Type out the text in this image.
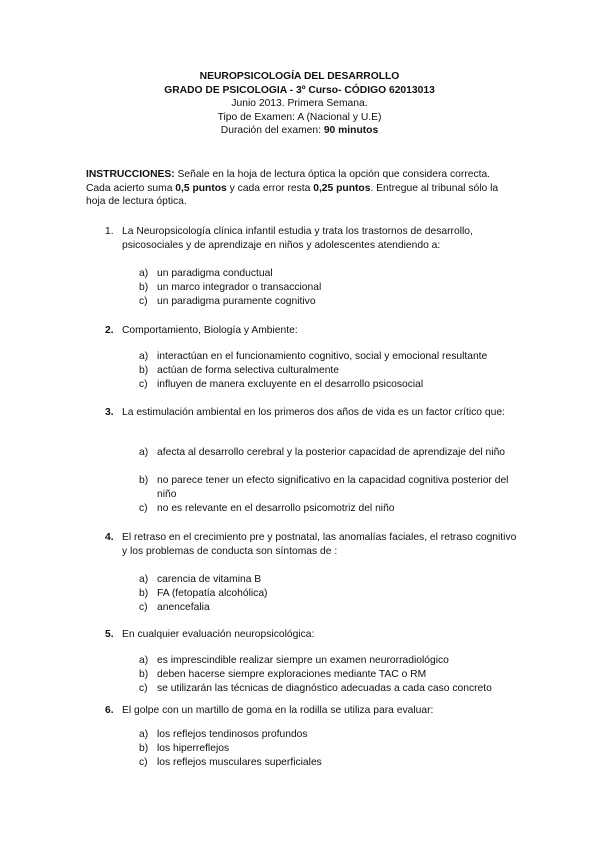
NEUROPSICOLOGÍA DEL DESARROLLO
GRADO DE PSICOLOGIA - 3º Curso- CÓDIGO 62013013
Junio 2013. Primera Semana.
Tipo de Examen: A (Nacional y U.E)
Duración del examen: 90 minutos
INSTRUCCIONES: Señale en la hoja de lectura óptica la opción que considera correcta. Cada acierto suma 0,5 puntos y cada error resta 0,25 puntos. Entregue al tribunal sólo la hoja de lectura óptica.
1. La Neuropsicología clínica infantil estudia y trata los trastornos de desarrollo, psicosociales y de aprendizaje en niños y adolescentes atendiendo a:
a) un paradigma conductual
b) un marco integrador o transaccional
c) un paradigma puramente cognitivo
2. Comportamiento, Biología y Ambiente:
a) interactúan en el funcionamiento cognitivo, social y emocional resultante
b) actúan de forma selectiva culturalmente
c) influyen de manera excluyente en el desarrollo psicosocial
3. La estimulación ambiental en los primeros dos años de vida es un factor crítico que:
a) afecta al desarrollo cerebral y la posterior capacidad de aprendizaje del niño
b) no parece tener un efecto significativo en la capacidad cognitiva posterior del niño
c) no es relevante en el desarrollo psicomotriz del niño
4. El retraso en el crecimiento pre y postnatal, las anomalías faciales, el retraso cognitivo y los problemas de conducta son síntomas de :
a) carencia de vitamina B
b) FA (fetopatía alcohólica)
c) anencefalia
5. En cualquier evaluación neuropsicológica:
a) es imprescindible realizar siempre un examen neurorradiológico
b) deben hacerse siempre exploraciones mediante TAC o RM
c) se utilizarán las técnicas de diagnóstico adecuadas a cada caso concreto
6. El golpe con un martillo de goma en la rodilla se utiliza para evaluar:
a) los reflejos tendinosos profundos
b) los hiperreflejos
c) los reflejos musculares superficiales
